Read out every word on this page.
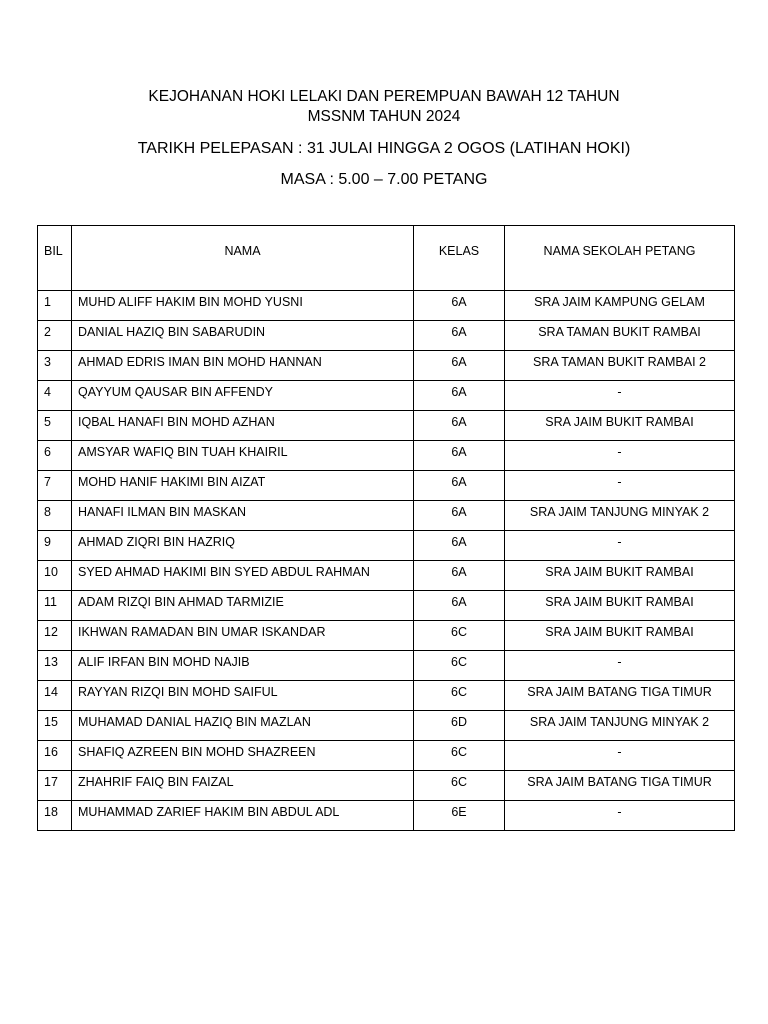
KEJOHANAN HOKI LELAKI DAN PEREMPUAN BAWAH 12 TAHUN
MSSNM TAHUN 2024
TARIKH PELEPASAN : 31 JULAI HINGGA 2 OGOS (LATIHAN HOKI)
MASA : 5.00 – 7.00 PETANG
BIL	NAMA	KELAS	NAMA SEKOLAH PETANG
1	MUHD ALIFF HAKIM BIN MOHD YUSNI	6A	SRA JAIM KAMPUNG GELAM
2	DANIAL HAZIQ BIN SABARUDIN	6A	SRA TAMAN BUKIT RAMBAI
3	AHMAD EDRIS IMAN BIN MOHD HANNAN	6A	SRA TAMAN BUKIT RAMBAI 2
4	QAYYUM QAUSAR BIN AFFENDY	6A	-
5	IQBAL HANAFI BIN MOHD AZHAN	6A	SRA JAIM BUKIT RAMBAI
6	AMSYAR WAFIQ BIN TUAH KHAIRIL	6A	-
7	MOHD HANIF HAKIMI BIN AIZAT	6A	-
8	HANAFI ILMAN BIN MASKAN	6A	SRA JAIM TANJUNG MINYAK 2
9	AHMAD ZIQRI BIN HAZRIQ	6A	-
10	SYED AHMAD HAKIMI BIN SYED ABDUL RAHMAN	6A	SRA JAIM BUKIT RAMBAI
11	ADAM RIZQI BIN AHMAD TARMIZIE	6A	SRA JAIM BUKIT RAMBAI
12	IKHWAN RAMADAN BIN UMAR ISKANDAR	6C	SRA JAIM BUKIT RAMBAI
13	ALIF IRFAN BIN MOHD NAJIB	6C	-
14	RAYYAN RIZQI BIN MOHD SAIFUL	6C	SRA JAIM BATANG TIGA TIMUR
15	MUHAMAD DANIAL HAZIQ BIN MAZLAN	6D	SRA JAIM TANJUNG MINYAK 2
16	SHAFIQ AZREEN BIN MOHD SHAZREEN	6C	-
17	ZHAHRIF FAIQ BIN FAIZAL	6C	SRA JAIM BATANG TIGA TIMUR
18	MUHAMMAD ZARIEF HAKIM BIN ABDUL ADL	6E	-
